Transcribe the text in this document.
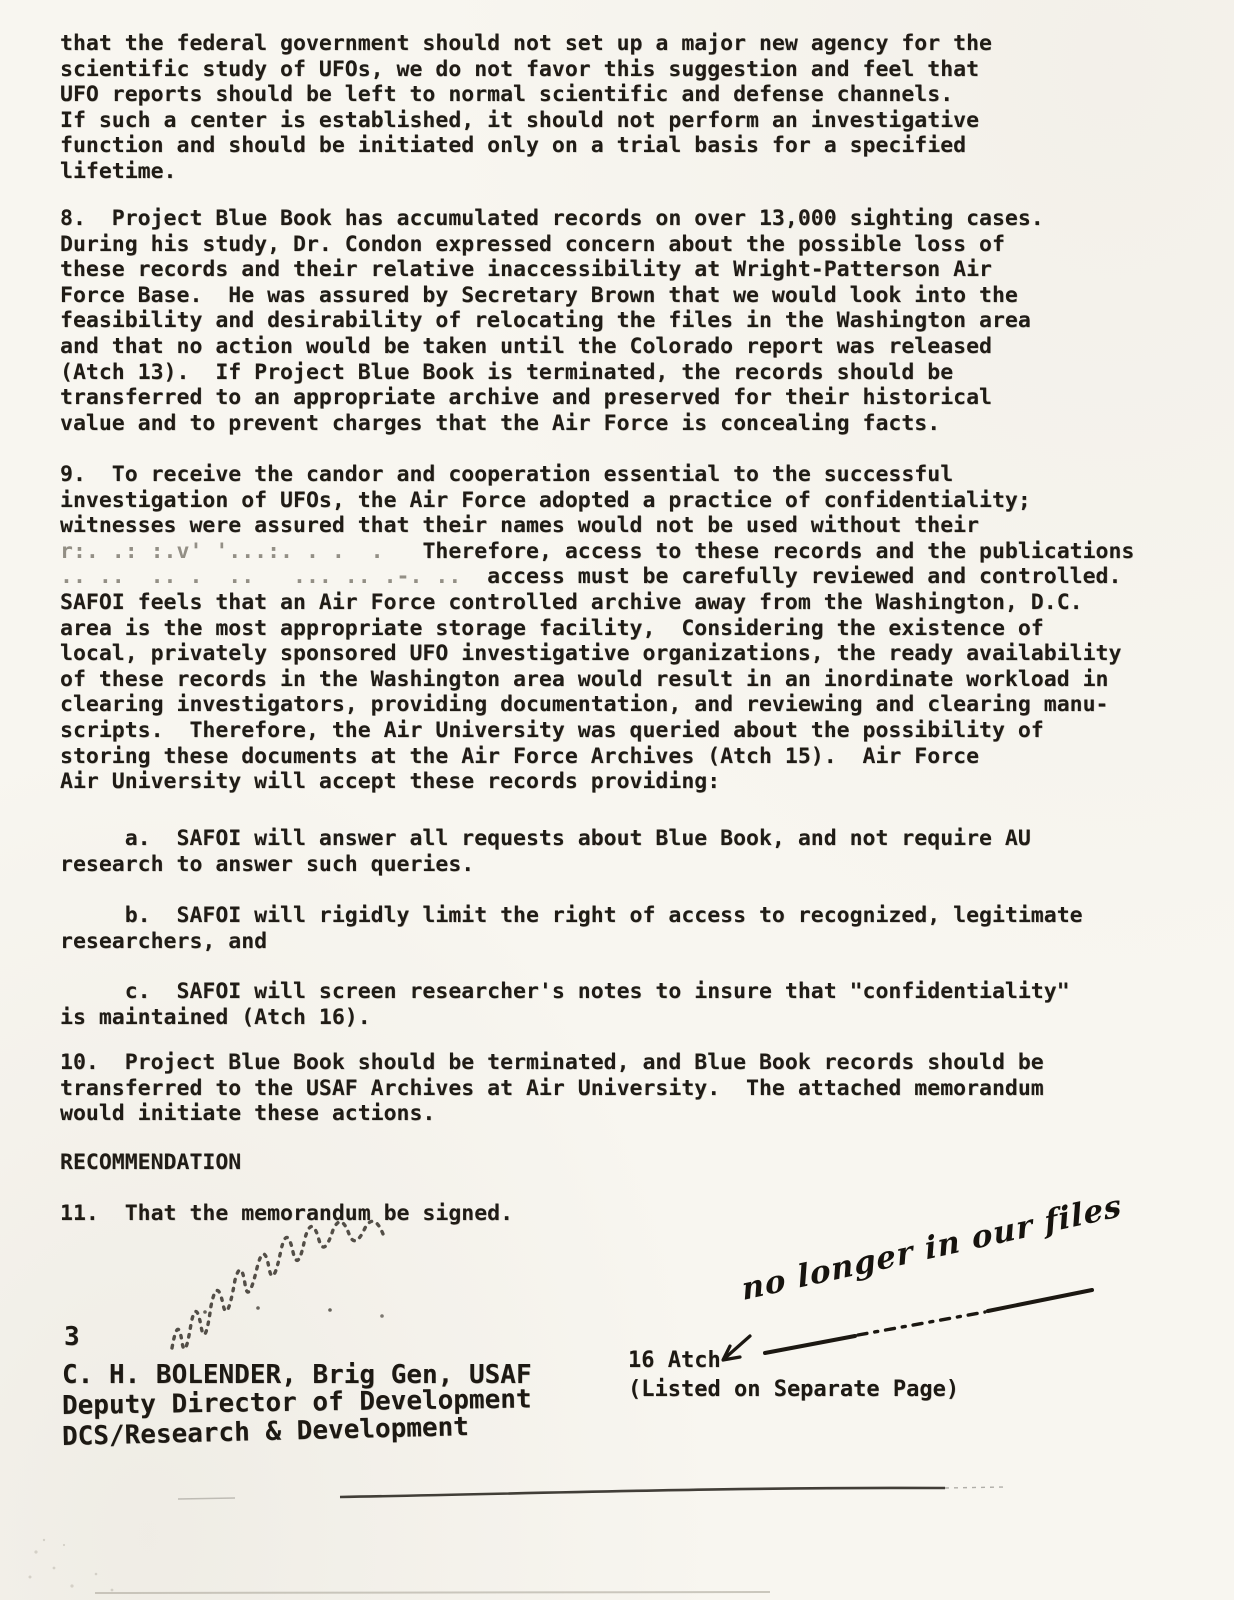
11.  That the memorandum be signed.
RECOMMENDATION
10.  Project Blue Book should be terminated, and Blue Book records should be
transferred to the USAF Archives at Air University.  The attached memorandum
would initiate these actions.
c.  SAFOI will screen researcher's notes to insure that "confidentiality"
is maintained (Atch 16).
b.  SAFOI will rigidly limit the right of access to recognized, legitimate
researchers, and
a.  SAFOI will answer all requests about Blue Book, and not require AU
research to answer such queries.
9.  To receive the candor and cooperation essential to the successful
investigation of UFOs, the Air Force adopted a practice of confidentiality;
witnesses were assured that their names would not be used without their
r:. .: :.v' '...:. . .  .   Therefore, access to these records and the publications
.. ..  .. .  ..   ... .. .-. ..  access must be carefully reviewed and controlled.
SAFOI feels that an Air Force controlled archive away from the Washington, D.C.
area is the most appropriate storage facility,  Considering the existence of
local, privately sponsored UFO investigative organizations, the ready availability
of these records in the Washington area would result in an inordinate workload in
clearing investigators, providing documentation, and reviewing and clearing manu-
scripts.  Therefore, the Air University was queried about the possibility of
storing these documents at the Air Force Archives (Atch 15).  Air Force
Air University will accept these records providing:
8.  Project Blue Book has accumulated records on over 13,000 sighting cases.
During his study, Dr. Condon expressed concern about the possible loss of
these records and their relative inaccessibility at Wright-Patterson Air
Force Base.  He was assured by Secretary Brown that we would look into the
feasibility and desirability of relocating the files in the Washington area
and that no action would be taken until the Colorado report was released
(Atch 13).  If Project Blue Book is terminated, the records should be
transferred to an appropriate archive and preserved for their historical
value and to prevent charges that the Air Force is concealing facts.
that the federal government should not set up a major new agency for the
scientific study of UFOs, we do not favor this suggestion and feel that
UFO reports should be left to normal scientific and defense channels.
If such a center is established, it should not perform an investigative
function and should be initiated only on a trial basis for a specified
lifetime.
3
C. H. BOLENDER, Brig Gen, USAF
Deputy Director of Development
DCS/Research & Development
16 Atch
(Listed on Separate Page)
no longer in our files
